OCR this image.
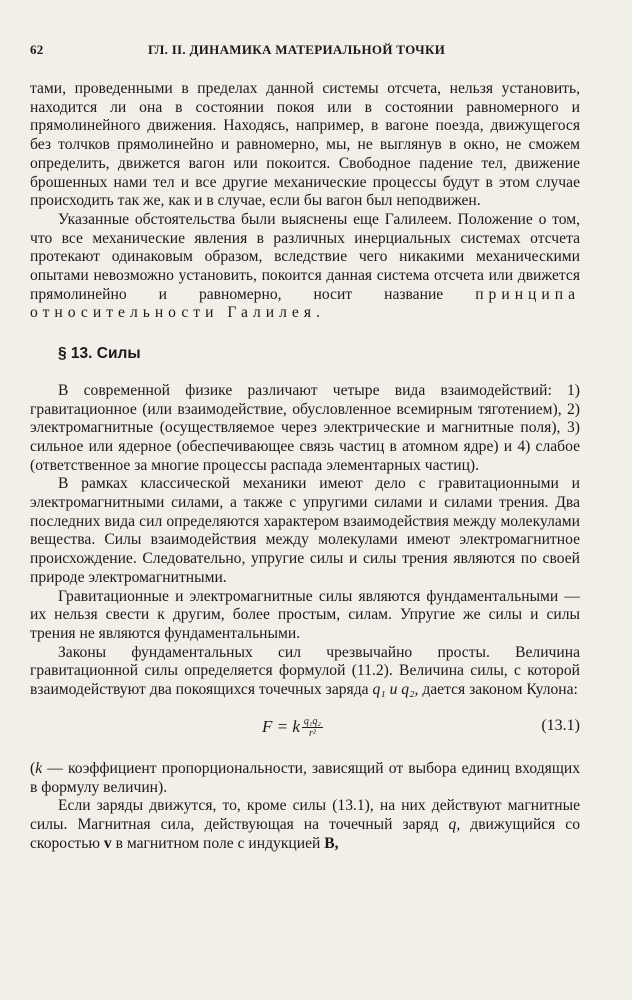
62	ГЛ. II. ДИНАМИКА МАТЕРИАЛЬНОЙ ТОЧКИ

тами, проведенными в пределах данной системы отсчета, нельзя установить, находится ли она в состоянии покоя или в состоянии равномерного и прямолинейного движения. Находясь, например, в вагоне поезда, движущегося без толчков прямолинейно и равномерно, мы, не выглянув в окно, не сможем определить, движется вагон или покоится. Свободное падение тел, движение брошенных нами тел и все другие механические процессы будут в этом случае происходить так же, как и в случае, если бы вагон был неподвижен.

Указанные обстоятельства были выяснены еще Галилеем. Положение о том, что все механические явления в различных инерциальных системах отсчета протекают одинаковым образом, вследствие чего никакими механическими опытами невозможно установить, покоится данная система отсчета или движется прямолинейно и равномерно, носит название принципа относительности Галилея.

§ 13. Силы

В современной физике различают четыре вида взаимодействий: 1) гравитационное (или взаимодействие, обусловленное всемирным тяготением), 2) электромагнитные (осуществляемое через электрические и магнитные поля), 3) сильное или ядерное (обеспечивающее связь частиц в атомном ядре) и 4) слабое (ответственное за многие процессы распада элементарных частиц).

В рамках классической механики имеют дело с гравитационными и электромагнитными силами, а также с упругими силами и силами трения. Два последних вида сил определяются характером взаимодействия между молекулами вещества. Силы взаимодействия между молекулами имеют электромагнитное происхождение. Следовательно, упругие силы и силы трения являются по своей природе электромагнитными.

Гравитационные и электромагнитные силы являются фундаментальными — их нельзя свести к другим, более простым, силам. Упругие же силы и силы трения не являются фундаментальными.

Законы фундаментальных сил чрезвычайно просты. Величина гравитационной силы определяется формулой (11.2). Величина силы, с которой взаимодействуют два покоящихся точечных заряда q₁ и q₂, дается законом Кулона:

F = k $\frac{\text{q₁q₂}}{\text{r²}}$	(13.1)

(k — коэффициент пропорциональности, зависящий от выбора единиц входящих в формулу величин).

Если заряды движутся, то, кроме силы (13.1), на них действуют магнитные силы. Магнитная сила, действующая на точечный заряд q, движущийся со скоростью v в магнитном поле с индукцией B,
